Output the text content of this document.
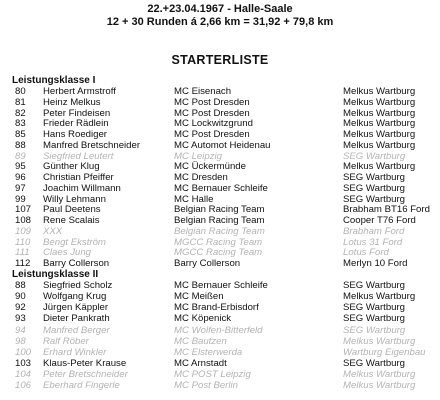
22.+23.04.1967 - Halle-Saale
12 + 30 Runden á 2,66 km = 31,92 + 79,8 km
STARTERLISTE
Leistungsklasse I
80 Herbert Armstroff	MC Eisenach	Melkus Wartburg
81 Heinz Melkus	MC Post Dresden	Melkus Wartburg
82 Peter Findeisen	MC Post Dresden	Melkus Wartburg
83 Frieder Rädlein	MC Lockwitzgrund	Melkus Wartburg
85 Hans Roediger	MC Post Dresden	Melkus Wartburg
88 Manfred Bretschneider	MC Automot Heidenau	Melkus Wartburg
89 Siegfried Leutert	MC Leipzig	SEG Wartburg
95 Günther Klug	MC Ückermünde	Melkus Wartburg
96 Christian Pfeiffer	MC Dresden	SEG Wartburg
97 Joachim Willmann	MC Bernauer Schleife	SEG Wartburg
99 Willy Lehmann	MC Halle	SEG Wartburg
107 Paul Deetens	Belgian Racing Team	Brabham BT16 Ford
108 Rene Scalais	Belgian Racing Team	Cooper T76 Ford
109 XXX	Belgian Racing Team	Brabham Ford
110 Bengt Ekström	MGCC Racing Team	Lotus 31 Ford
111 Claes Jung	MGCC Racing Team	Lotus Ford
112 Barry Collerson	Barry Collerson	Merlyn 10 Ford
Leistungsklasse II
88 Siegfried Scholz	MC Bernauer Schleife	SEG Wartburg
90 Wolfgang Krug	MC Meißen	Melkus Wartburg
92 Jürgen Käppler	MC Brand-Erbisdorf	SEG Wartburg
93 Dieter Pankrath	MC Köpenick	SEG Wartburg
94 Manfred Berger	MC Wolfen-Bitterfeld	SEG Wartburg
98 Ralf Röber	MC Bautzen	Melkus Wartburg
100 Erhard Winkler	MC Elsterwerda	Wartburg Eigenbau
103 Klaus-Peter Krause	MC Arnstadt	SEG Wartburg
104 Peter Bretschneider	MC POST Leipzig	Melkus Wartburg
106 Eberhard Fingerle	MC Post Berlin	Melkus Wartburg
